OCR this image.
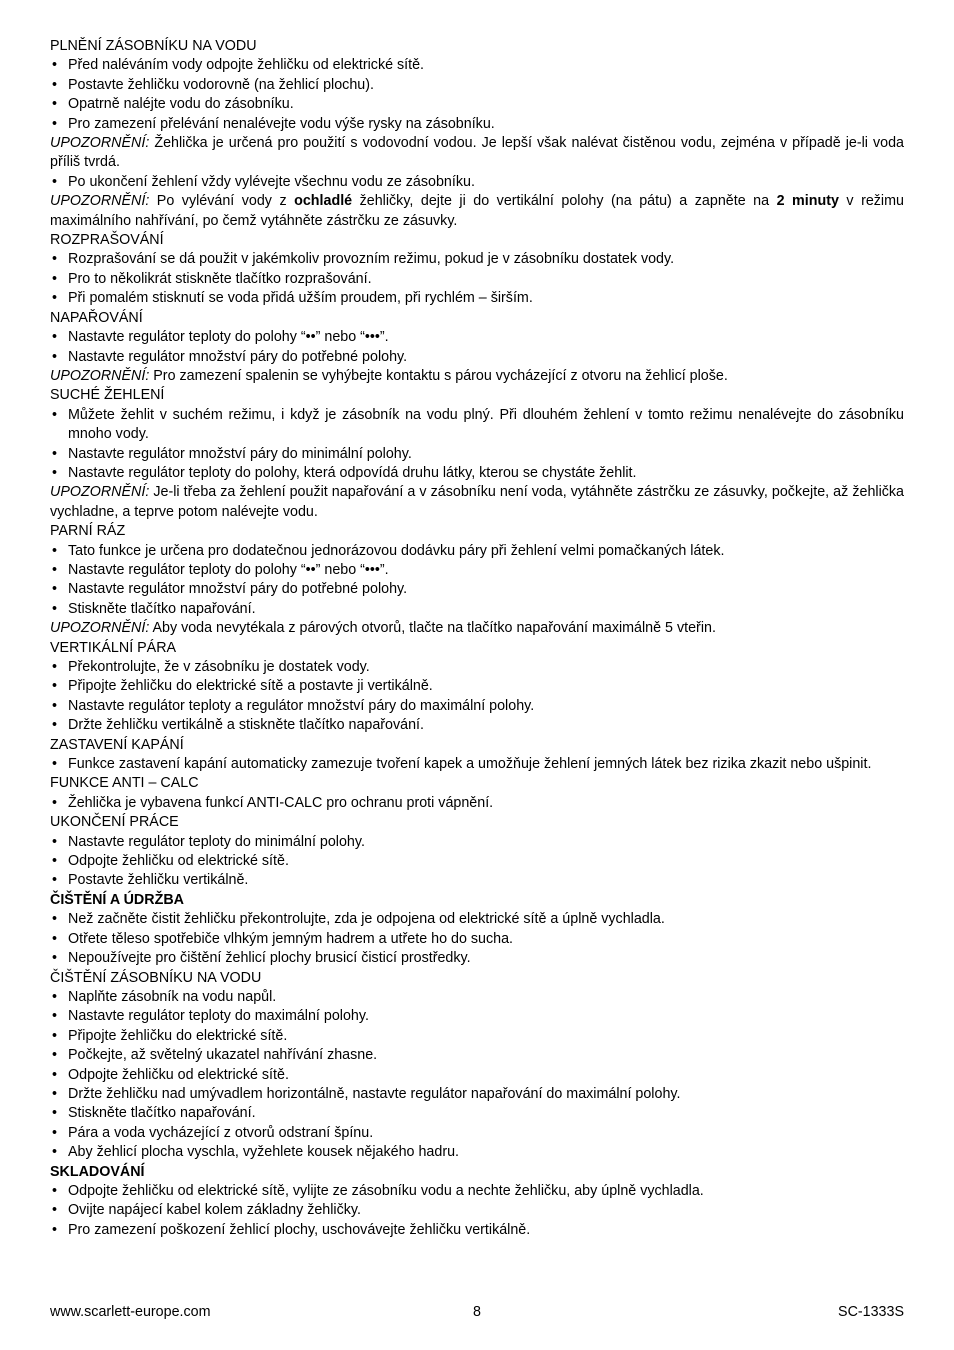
PLNĚNÍ ZÁSOBNÍKU NA VODU

• Před naléváním vody odpojte žehličku od elektrické sítě.
• Postavte žehličku vodorovně (na žehlicí plochu).
• Opatrně naléjte vodu do zásobníku.
• Pro zamezení přelévání nenalévejte vodu výše rysky na zásobníku.

UPOZORNĚNÍ: Žehlička je určená pro použití s vodovodní vodou. Je lepší však nalévat čistěnou vodu, zejména v případě je-li voda příliš tvrdá.

• Po ukončení žehlení vždy vylévejte všechnu vodu ze zásobníku.

UPOZORNĚNÍ: Po vylévání vody z ochladlé žehličky, dejte ji do vertikální polohy (na pátu) a zapněte na 2 minuty v režimu maximálního nahřívání, po čemž vytáhněte zástrčku ze zásuvky.

ROZPRAŠOVÁNÍ

• Rozprašování se dá použit v jakémkoliv provozním režimu, pokud je v zásobníku dostatek vody.
• Pro to několikrát stiskněte tlačítko rozprašování.
• Při pomalém stisknutí se voda přidá užším proudem, při rychlém – širším.

NAPAŘOVÁNÍ

• Nastavte regulátor teploty do polohy “••” nebo “•••”.
• Nastavte regulátor množství páry do potřebné polohy.

UPOZORNĚNÍ: Pro zamezení spalenin se vyhýbejte kontaktu s párou vycházející z otvoru na žehlicí ploše.

SUCHÉ ŽEHLENÍ

• Můžete žehlit v suchém režimu, i když je zásobník na vodu plný. Při dlouhém žehlení v tomto režimu nenalévejte do zásobníku mnoho vody.
• Nastavte regulátor množství páry do minimální polohy.
• Nastavte regulátor teploty do polohy, která odpovídá druhu látky, kterou se chystáte žehlit.

UPOZORNĚNÍ: Je-li třeba za žehlení použit napařování a v zásobníku není voda, vytáhněte zástrčku ze zásuvky, počkejte, až žehlička vychladne, a teprve potom nalévejte vodu.

PARNÍ RÁZ

• Tato funkce je určena pro dodatečnou jednorázovou dodávku páry při žehlení velmi pomačkaných látek.
• Nastavte regulátor teploty do polohy “••” nebo “•••”.
• Nastavte regulátor množství páry do potřebné polohy.
• Stiskněte tlačítko napařování.

UPOZORNĚNÍ: Aby voda nevytékala z párových otvorů, tlačte na tlačítko napařování maximálně 5 vteřin.

VERTIKÁLNÍ PÁRA

• Překontrolujte, že v zásobníku je dostatek vody.
• Připojte žehličku do elektrické sítě a postavte ji vertikálně.
• Nastavte regulátor teploty a regulátor množství páry do maximální polohy.
• Držte žehličku vertikálně a stiskněte tlačítko napařování.

ZASTAVENÍ KAPÁNÍ

• Funkce zastavení kapání automaticky zamezuje tvoření kapek a umožňuje žehlení jemných látek bez rizika zkazit nebo ušpinit.

FUNKCE ANTI – CALC

• Žehlička je vybavena funkcí ANTI-CALC pro ochranu proti vápnění.

UKONČENÍ PRÁCE

• Nastavte regulátor teploty do minimální polohy.
• Odpojte žehličku od elektrické sítě.
• Postavte žehličku vertikálně.

ČIŠTĚNÍ A ÚDRŽBA

• Než začněte čistit žehličku překontrolujte, zda je odpojena od elektrické sítě a úplně vychladla.
• Otřete těleso spotřebiče vlhkým jemným hadrem a utřete ho do sucha.
• Nepoužívejte pro čištění žehlicí plochy brusicí čisticí prostředky.

ČIŠTĚNÍ ZÁSOBNÍKU NA VODU

• Naplňte zásobník na vodu napůl.
• Nastavte regulátor teploty do maximální polohy.
• Připojte žehličku do elektrické sítě.
• Počkejte, až světelný ukazatel nahřívání zhasne.
• Odpojte žehličku od elektrické sítě.
• Držte žehličku nad umývadlem horizontálně, nastavte regulátor napařování do maximální polohy.
• Stiskněte tlačítko napařování.
• Pára a voda vycházející z otvorů odstraní špínu.
• Aby žehlicí plocha vyschla, vyžehlete kousek nějakého hadru.

SKLADOVÁNÍ

• Odpojte žehličku od elektrické sítě, vylijte ze zásobníku vodu a nechte žehličku, aby úplně vychladla.
• Ovijte napájecí kabel kolem základny žehličky.
• Pro zamezení poškození žehlicí plochy, uschovávejte žehličku vertikálně.
www.scarlett-europe.com	8	SC-1333S
